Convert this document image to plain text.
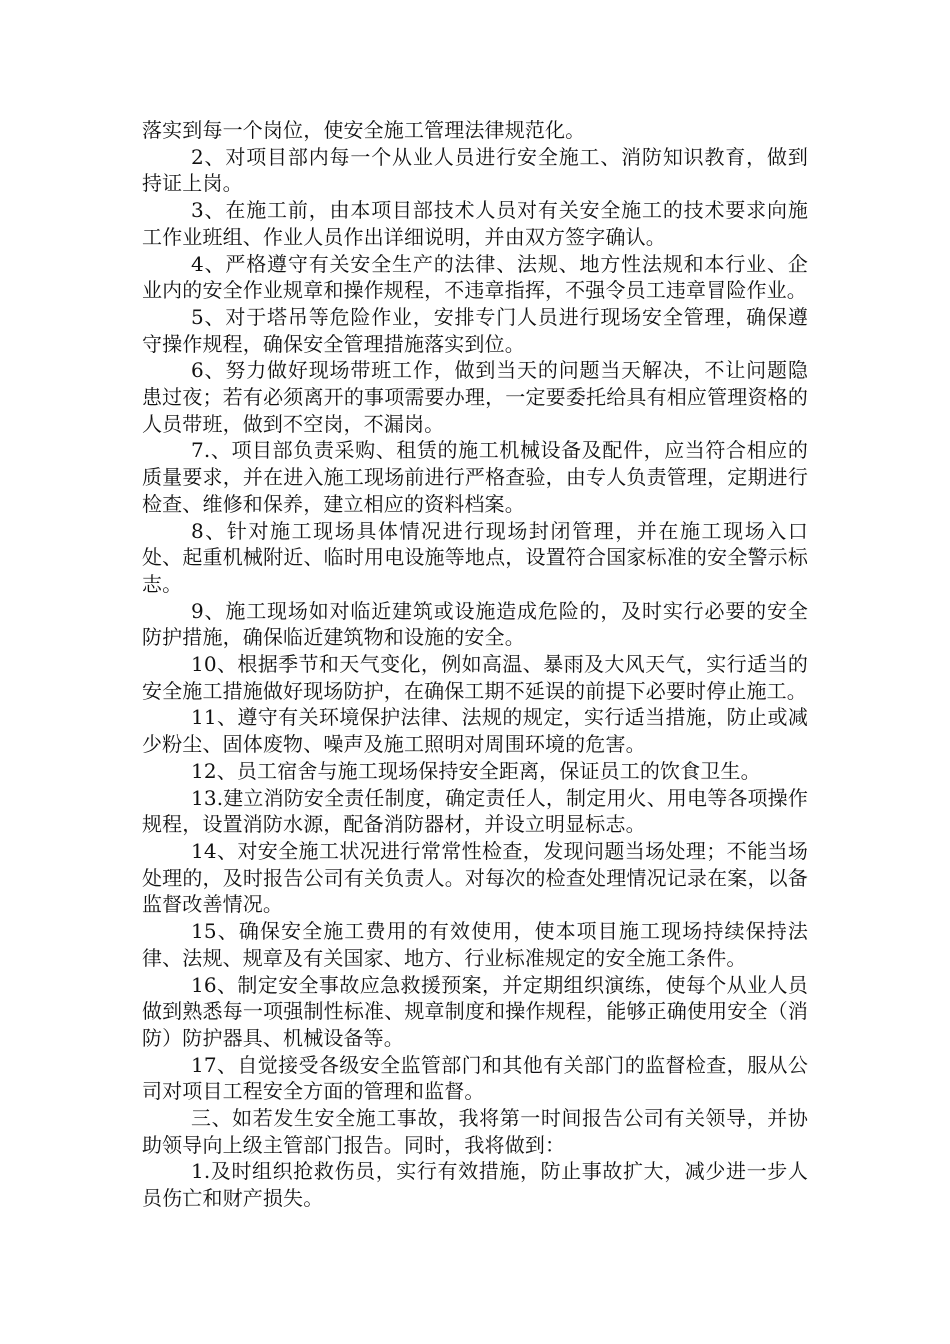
落实到每一个岗位，使安全施工管理法律规范化。

2、对项目部内每一个从业人员进行安全施工、消防知识教育，做到持证上岗。

3、在施工前，由本项目部技术人员对有关安全施工的技术要求向施工作业班组、作业人员作出详细说明，并由双方签字确认。

4、严格遵守有关安全生产的法律、法规、地方性法规和本行业、企业内的安全作业规章和操作规程，不违章指挥，不强令员工违章冒险作业。

5、对于塔吊等危险作业，安排专门人员进行现场安全管理，确保遵守操作规程，确保安全管理措施落实到位。

6、努力做好现场带班工作，做到当天的问题当天解决，不让问题隐患过夜；若有必须离开的事项需要办理，一定要委托给具有相应管理资格的人员带班，做到不空岗，不漏岗。

7.、项目部负责采购、租赁的施工机械设备及配件，应当符合相应的质量要求，并在进入施工现场前进行严格查验，由专人负责管理，定期进行检查、维修和保养，建立相应的资料档案。

8、针对施工现场具体情况进行现场封闭管理，并在施工现场入口处、起重机械附近、临时用电设施等地点，设置符合国家标准的安全警示标志。

9、施工现场如对临近建筑或设施造成危险的，及时实行必要的安全防护措施，确保临近建筑物和设施的安全。

10、根据季节和天气变化，例如高温、暴雨及大风天气，实行适当的安全施工措施做好现场防护，在确保工期不延误的前提下必要时停止施工。

11、遵守有关环境保护法律、法规的规定，实行适当措施，防止或减少粉尘、固体废物、噪声及施工照明对周围环境的危害。

12、员工宿舍与施工现场保持安全距离，保证员工的饮食卫生。

13.建立消防安全责任制度，确定责任人，制定用火、用电等各项操作规程，设置消防水源，配备消防器材，并设立明显标志。

14、对安全施工状况进行常常性检查，发现问题当场处理；不能当场处理的，及时报告公司有关负责人。对每次的检查处理情况记录在案，以备监督改善情况。

15、确保安全施工费用的有效使用，使本项目施工现场持续保持法律、法规、规章及有关国家、地方、行业标准规定的安全施工条件。

16、制定安全事故应急救援预案，并定期组织演练，使每个从业人员做到熟悉每一项强制性标准、规章制度和操作规程，能够正确使用安全（消防）防护器具、机械设备等。

17、自觉接受各级安全监管部门和其他有关部门的监督检查，服从公司对项目工程安全方面的管理和监督。

三、如若发生安全施工事故，我将第一时间报告公司有关领导，并协助领导向上级主管部门报告。同时，我将做到：

1.及时组织抢救伤员，实行有效措施，防止事故扩大，减少进一步人员伤亡和财产损失。
